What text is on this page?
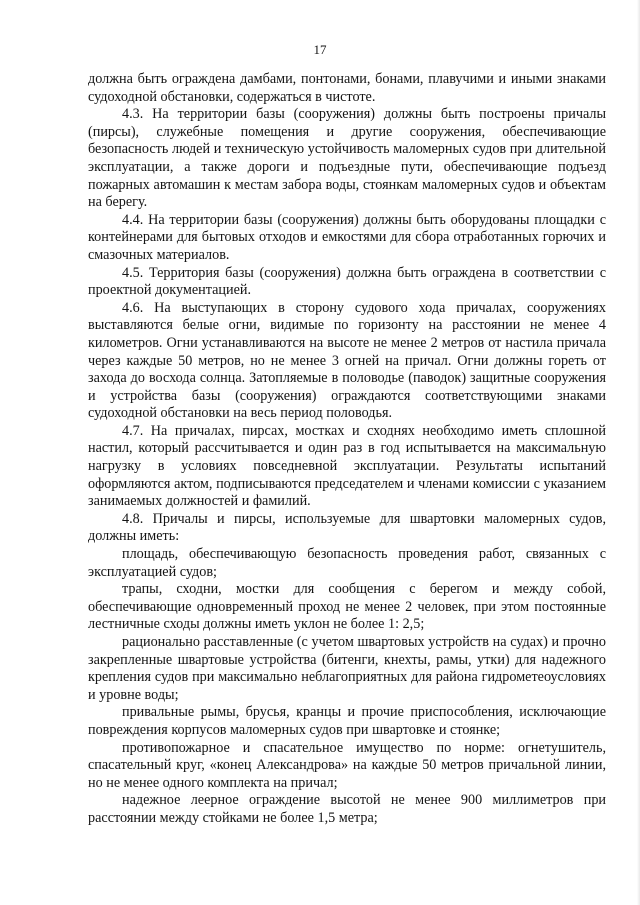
17

должна быть ограждена дамбами, понтонами, бонами, плавучими и иными знаками судоходной обстановки, содержаться в чистоте.

4.3. На территории базы (сооружения) должны быть построены причалы (пирсы), служебные помещения и другие сооружения, обеспечивающие безопасность людей и техническую устойчивость маломерных судов при длительной эксплуатации, а также дороги и подъездные пути, обеспечивающие подъезд пожарных автомашин к местам забора воды, стоянкам маломерных судов и объектам на берегу.

4.4. На территории базы (сооружения) должны быть оборудованы площадки с контейнерами для бытовых отходов и емкостями для сбора отработанных горючих и смазочных материалов.

4.5. Территория базы (сооружения) должна быть ограждена в соответствии с проектной документацией.

4.6. На выступающих в сторону судового хода причалах, сооружениях выставляются белые огни, видимые по горизонту на расстоянии не менее 4 километров. Огни устанавливаются на высоте не менее 2 метров от настила причала через каждые 50 метров, но не менее 3 огней на причал. Огни должны гореть от захода до восхода солнца. Затопляемые в половодье (паводок) защитные сооружения и устройства базы (сооружения) ограждаются соответствующими знаками судоходной обстановки на весь период половодья.

4.7. На причалах, пирсах, мостках и сходнях необходимо иметь сплошной настил, который рассчитывается и один раз в год испытывается на максимальную нагрузку в условиях повседневной эксплуатации. Результаты испытаний оформляются актом, подписываются председателем и членами комиссии с указанием занимаемых должностей и фамилий.

4.8. Причалы и пирсы, используемые для швартовки маломерных судов, должны иметь:

площадь, обеспечивающую безопасность проведения работ, связанных с эксплуатацией судов;

трапы, сходни, мостки для сообщения с берегом и между собой, обеспечивающие одновременный проход не менее 2 человек, при этом постоянные лестничные сходы должны иметь уклон не более 1: 2,5;

рационально расставленные (с учетом швартовых устройств на судах) и прочно закрепленные швартовые устройства (битенги, кнехты, рамы, утки) для надежного крепления судов при максимально неблагоприятных для района гидрометеоусловиях и уровне воды;

привальные рымы, брусья, кранцы и прочие приспособления, исключающие повреждения корпусов маломерных судов при швартовке и стоянке;

противопожарное и спасательное имущество по норме: огнетушитель, спасательный круг, «конец Александрова» на каждые 50 метров причальной линии, но не менее одного комплекта на причал;

надежное леерное ограждение высотой не менее 900 миллиметров при расстоянии между стойками не более 1,5 метра;
